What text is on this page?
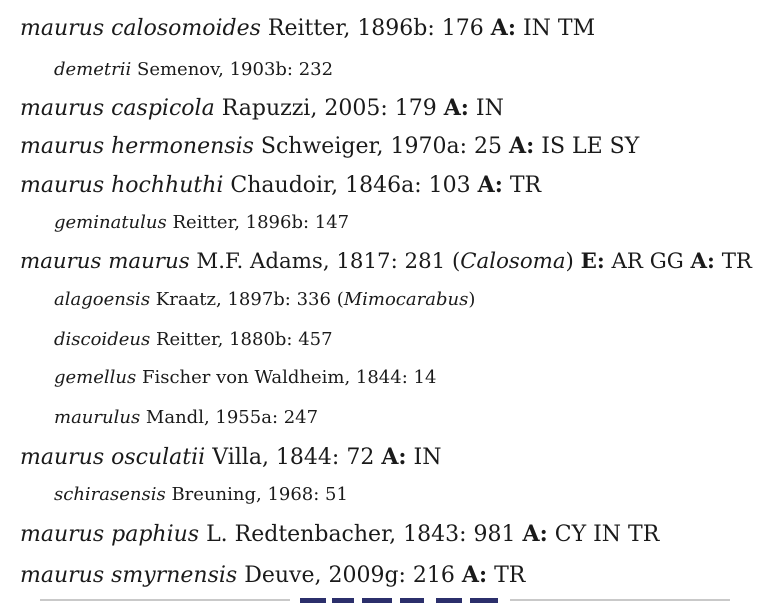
maurus calosomoides Reitter, 1896b: 176 A: IN TM
demetrii Semenov, 1903b: 232
maurus caspicola Rapuzzi, 2005: 179 A: IN
maurus hermonensis Schweiger, 1970a: 25 A: IS LE SY
maurus hochhuthi Chaudoir, 1846a: 103 A: TR
geminatulus Reitter, 1896b: 147
maurus maurus M.F. Adams, 1817: 281 (Calosoma) E: AR GG A: TR
alagoensis Kraatz, 1897b: 336 (Mimocarabus)
discoideus Reitter, 1880b: 457
gemellus Fischer von Waldheim, 1844: 14
maurulus Mandl, 1955a: 247
maurus osculatii Villa, 1844: 72 A: IN
schirasensis Breuning, 1968: 51
maurus paphius L. Redtenbacher, 1843: 981 A: CY IN TR
maurus smyrnensis Deuve, 2009g: 216 A: TR
